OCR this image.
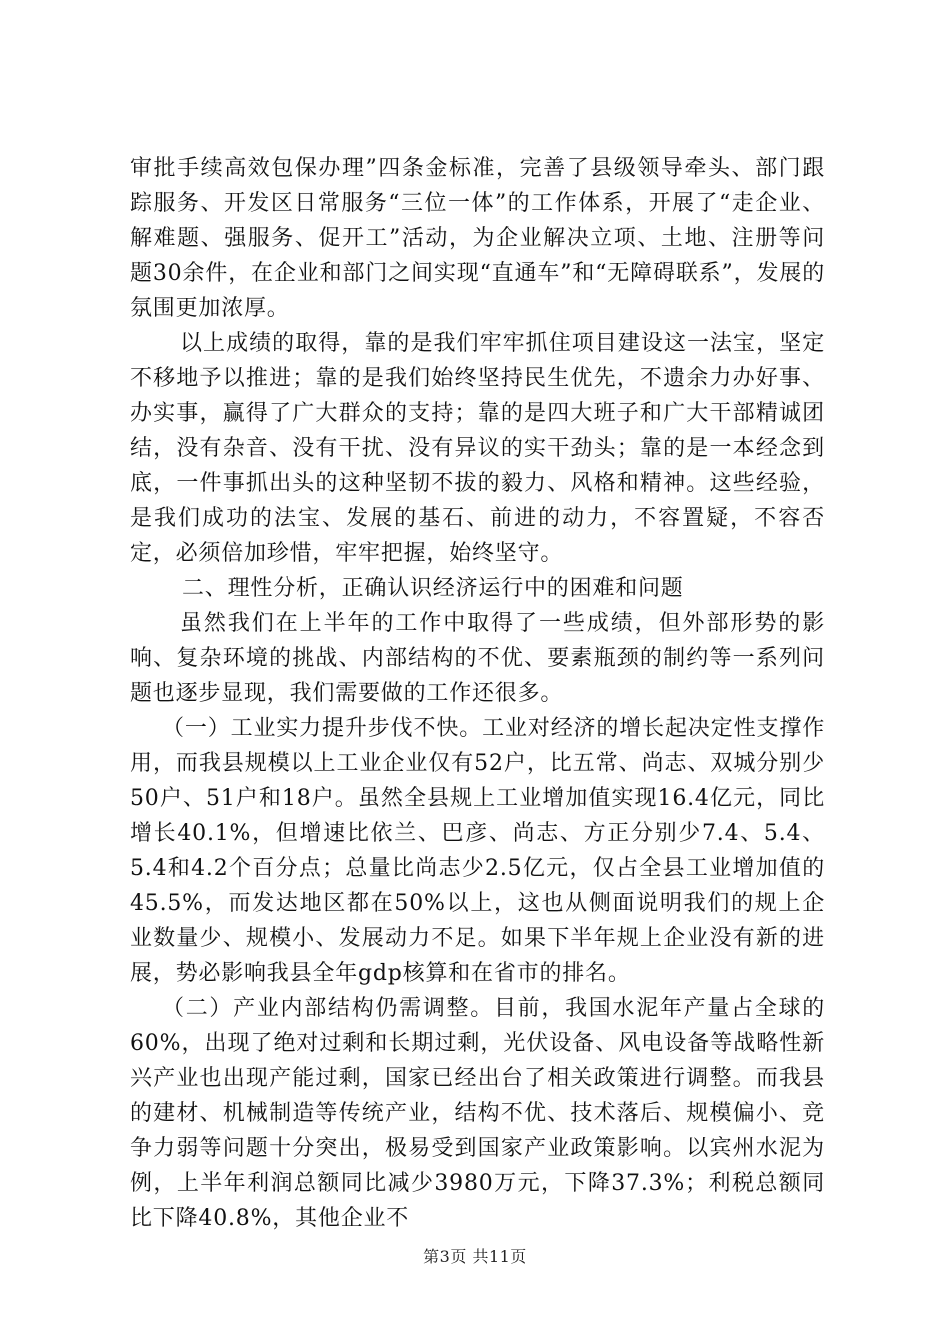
审批手续高效包保办理”四条金标准，完善了县级领导牵头、部门跟踪服务、开发区日常服务“三位一体”的工作体系，开展了“走企业、解难题、强服务、促开工”活动，为企业解决立项、土地、注册等问题30余件，在企业和部门之间实现“直通车”和“无障碍联系”，发展的氛围更加浓厚。

以上成绩的取得，靠的是我们牢牢抓住项目建设这一法宝，坚定不移地予以推进；靠的是我们始终坚持民生优先，不遗余力办好事、办实事，赢得了广大群众的支持；靠的是四大班子和广大干部精诚团结，没有杂音、没有干扰、没有异议的实干劲头；靠的是一本经念到底，一件事抓出头的这种坚韧不拔的毅力、风格和精神。这些经验，是我们成功的法宝、发展的基石、前进的动力，不容置疑，不容否定，必须倍加珍惜，牢牢把握，始终坚守。

二、理性分析，正确认识经济运行中的困难和问题

虽然我们在上半年的工作中取得了一些成绩，但外部形势的影响、复杂环境的挑战、内部结构的不优、要素瓶颈的制约等一系列问题也逐步显现，我们需要做的工作还很多。

（一）工业实力提升步伐不快。工业对经济的增长起决定性支撑作用，而我县规模以上工业企业仅有52户，比五常、尚志、双城分别少50户、51户和18户。虽然全县规上工业增加值实现16.4亿元，同比增长40.1%，但增速比依兰、巴彦、尚志、方正分别少7.4、5.4、5.4和4.2个百分点；总量比尚志少2.5亿元，仅占全县工业增加值的45.5%，而发达地区都在50%以上，这也从侧面说明我们的规上企业数量少、规模小、发展动力不足。如果下半年规上企业没有新的进展，势必影响我县全年gdp核算和在省市的排名。

（二）产业内部结构仍需调整。目前，我国水泥年产量占全球的60%，出现了绝对过剩和长期过剩，光伏设备、风电设备等战略性新兴产业也出现产能过剩，国家已经出台了相关政策进行调整。而我县的建材、机械制造等传统产业，结构不优、技术落后、规模偏小、竞争力弱等问题十分突出，极易受到国家产业政策影响。以宾州水泥为例，上半年利润总额同比减少3980万元，下降37.3%；利税总额同比下降40.8%，其他企业不

第3页 共11页
